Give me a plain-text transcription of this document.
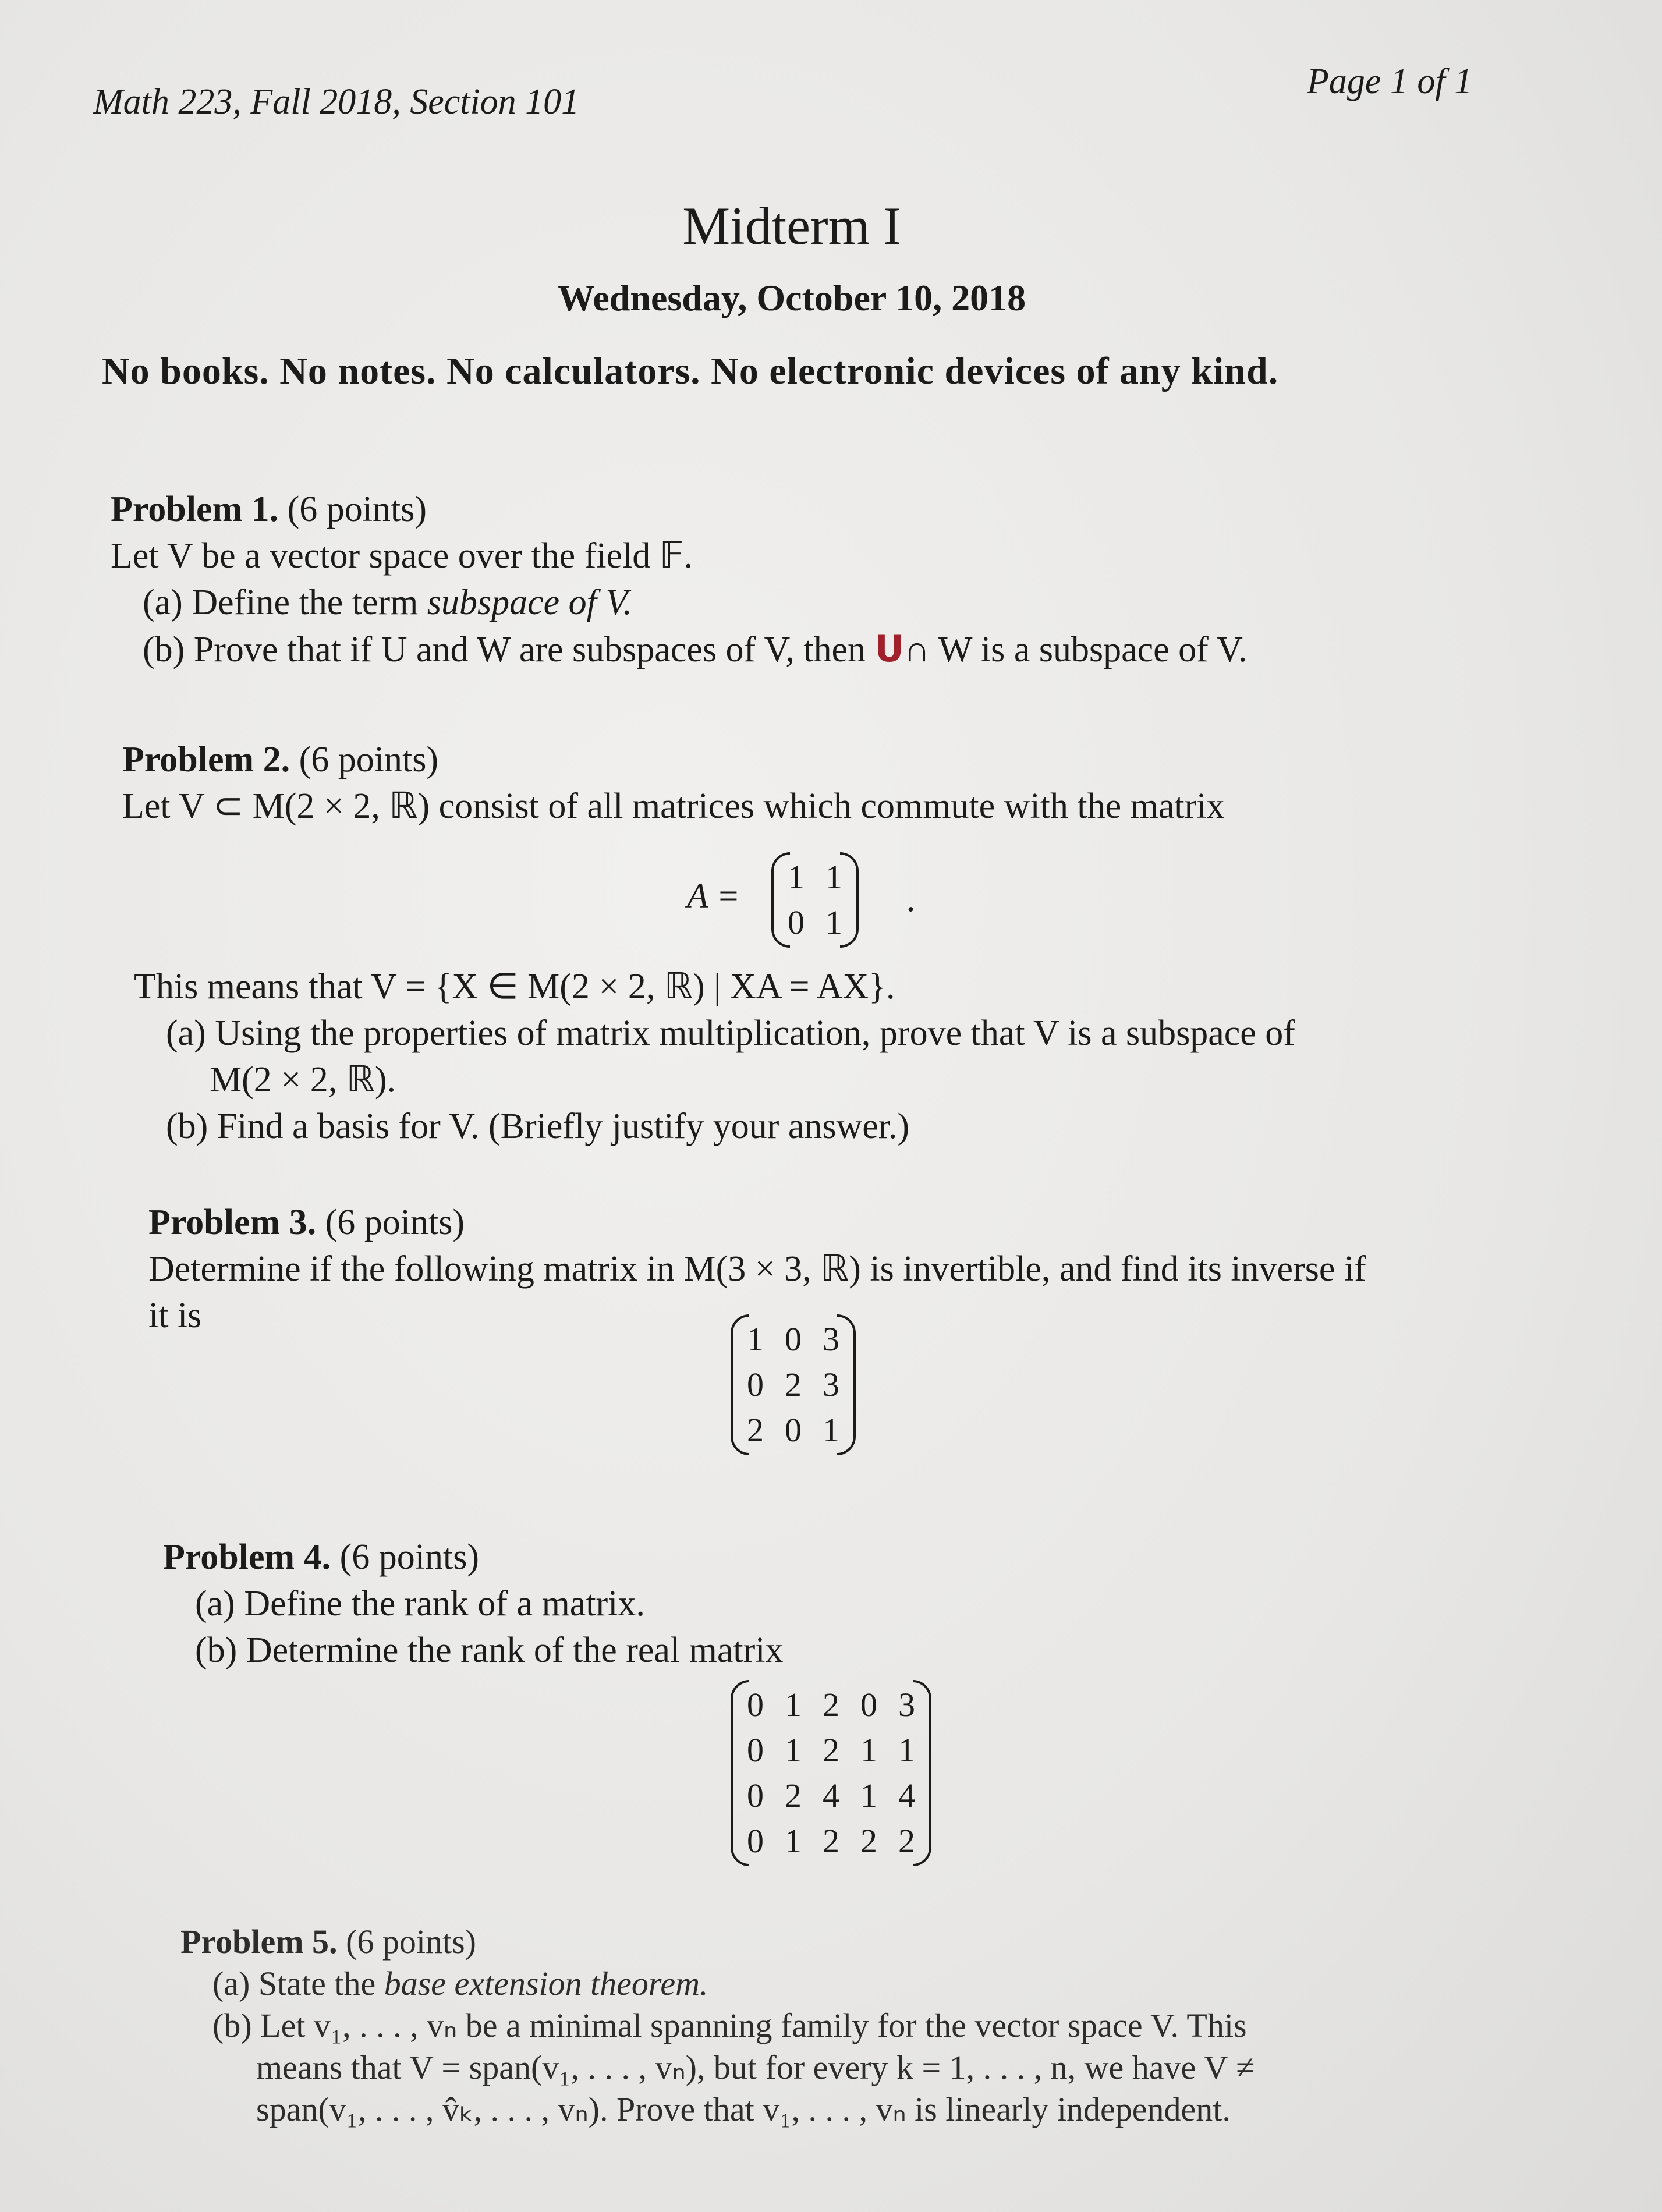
Math 223, Fall 2018, Section 101
Page 1 of 1
Midterm I
Wednesday, October 10, 2018
No books. No notes. No calculators. No electronic devices of any kind.
Problem 1. (6 points)
Let V be a vector space over the field 𝔽.
(a) Define the term subspace of V.
(b) Prove that if U and W are subspaces of V, then U∩ W is a subspace of V.
Problem 2. (6 points)
Let V ⊂ M(2 × 2, ℝ) consist of all matrices which commute with the matrix
A = 1	1
0	1
.
This means that V = {X ∈ M(2 × 2, ℝ) | XA = AX}.
(a) Using the properties of matrix multiplication, prove that V is a subspace of
M(2 × 2, ℝ).
(b) Find a basis for V. (Briefly justify your answer.)
Problem 3. (6 points)
Determine if the following matrix in M(3 × 3, ℝ) is invertible, and find its inverse if
it is
1	0	3
0	2	3
2	0	1
Problem 4. (6 points)
(a) Define the rank of a matrix.
(b) Determine the rank of the real matrix
0	1	2	0	3
0	1	2	1	1
0	2	4	1	4
0	1	2	2	2
Problem 5. (6 points)
(a) State the base extension theorem.
(b) Let v₁, . . . , vₙ be a minimal spanning family for the vector space V. This
means that V = span(v₁, . . . , vₙ), but for every k = 1, . . . , n, we have V ≠
span(v₁, . . . , v̂ₖ, . . . , vₙ). Prove that v₁, . . . , vₙ is linearly independent.
